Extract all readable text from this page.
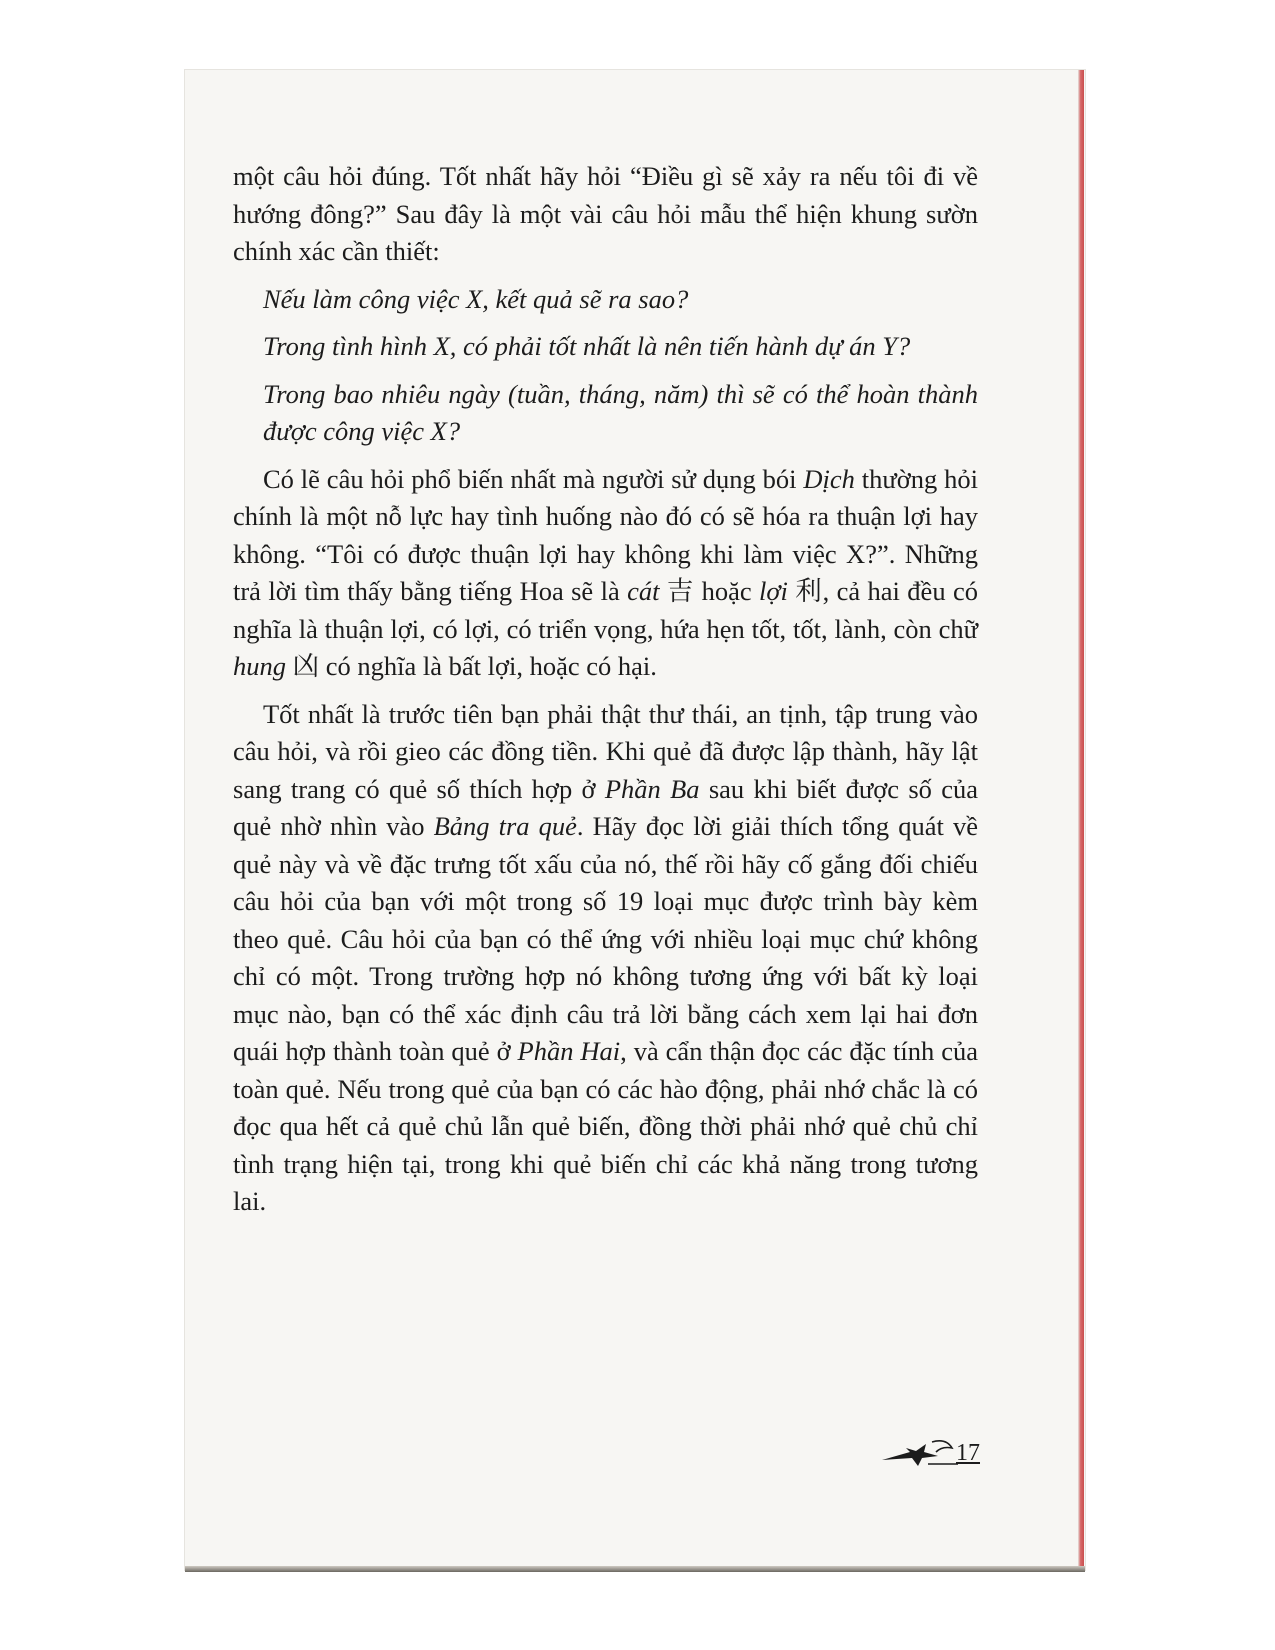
một câu hỏi đúng. Tốt nhất hãy hỏi “Điều gì sẽ xảy ra nếu tôi đi về hướng đông?” Sau đây là một vài câu hỏi mẫu thể hiện khung sườn chính xác cần thiết:

Nếu làm công việc X, kết quả sẽ ra sao?

Trong tình hình X, có phải tốt nhất là nên tiến hành dự án Y?

Trong bao nhiêu ngày (tuần, tháng, năm) thì sẽ có thể hoàn thành được công việc X?

Có lẽ câu hỏi phổ biến nhất mà người sử dụng bói Dịch thường hỏi chính là một nỗ lực hay tình huống nào đó có sẽ hóa ra thuận lợi hay không. “Tôi có được thuận lợi hay không khi làm việc X?”. Những trả lời tìm thấy bằng tiếng Hoa sẽ là cát 吉 hoặc lợi 利, cả hai đều có nghĩa là thuận lợi, có lợi, có triển vọng, hứa hẹn tốt, tốt, lành, còn chữ hung 凶 có nghĩa là bất lợi, hoặc có hại.

Tốt nhất là trước tiên bạn phải thật thư thái, an tịnh, tập trung vào câu hỏi, và rồi gieo các đồng tiền. Khi quẻ đã được lập thành, hãy lật sang trang có quẻ số thích hợp ở Phần Ba sau khi biết được số của quẻ nhờ nhìn vào Bảng tra quẻ. Hãy đọc lời giải thích tổng quát về quẻ này và về đặc trưng tốt xấu của nó, thế rồi hãy cố gắng đối chiếu câu hỏi của bạn với một trong số 19 loại mục được trình bày kèm theo quẻ. Câu hỏi của bạn có thể ứng với nhiều loại mục chứ không chỉ có một. Trong trường hợp nó không tương ứng với bất kỳ loại mục nào, bạn có thể xác định câu trả lời bằng cách xem lại hai đơn quái hợp thành toàn quẻ ở Phần Hai, và cẩn thận đọc các đặc tính của toàn quẻ. Nếu trong quẻ của bạn có các hào động, phải nhớ chắc là có đọc qua hết cả quẻ chủ lẫn quẻ biến, đồng thời phải nhớ quẻ chủ chỉ tình trạng hiện tại, trong khi quẻ biến chỉ các khả năng trong tương lai.

17
